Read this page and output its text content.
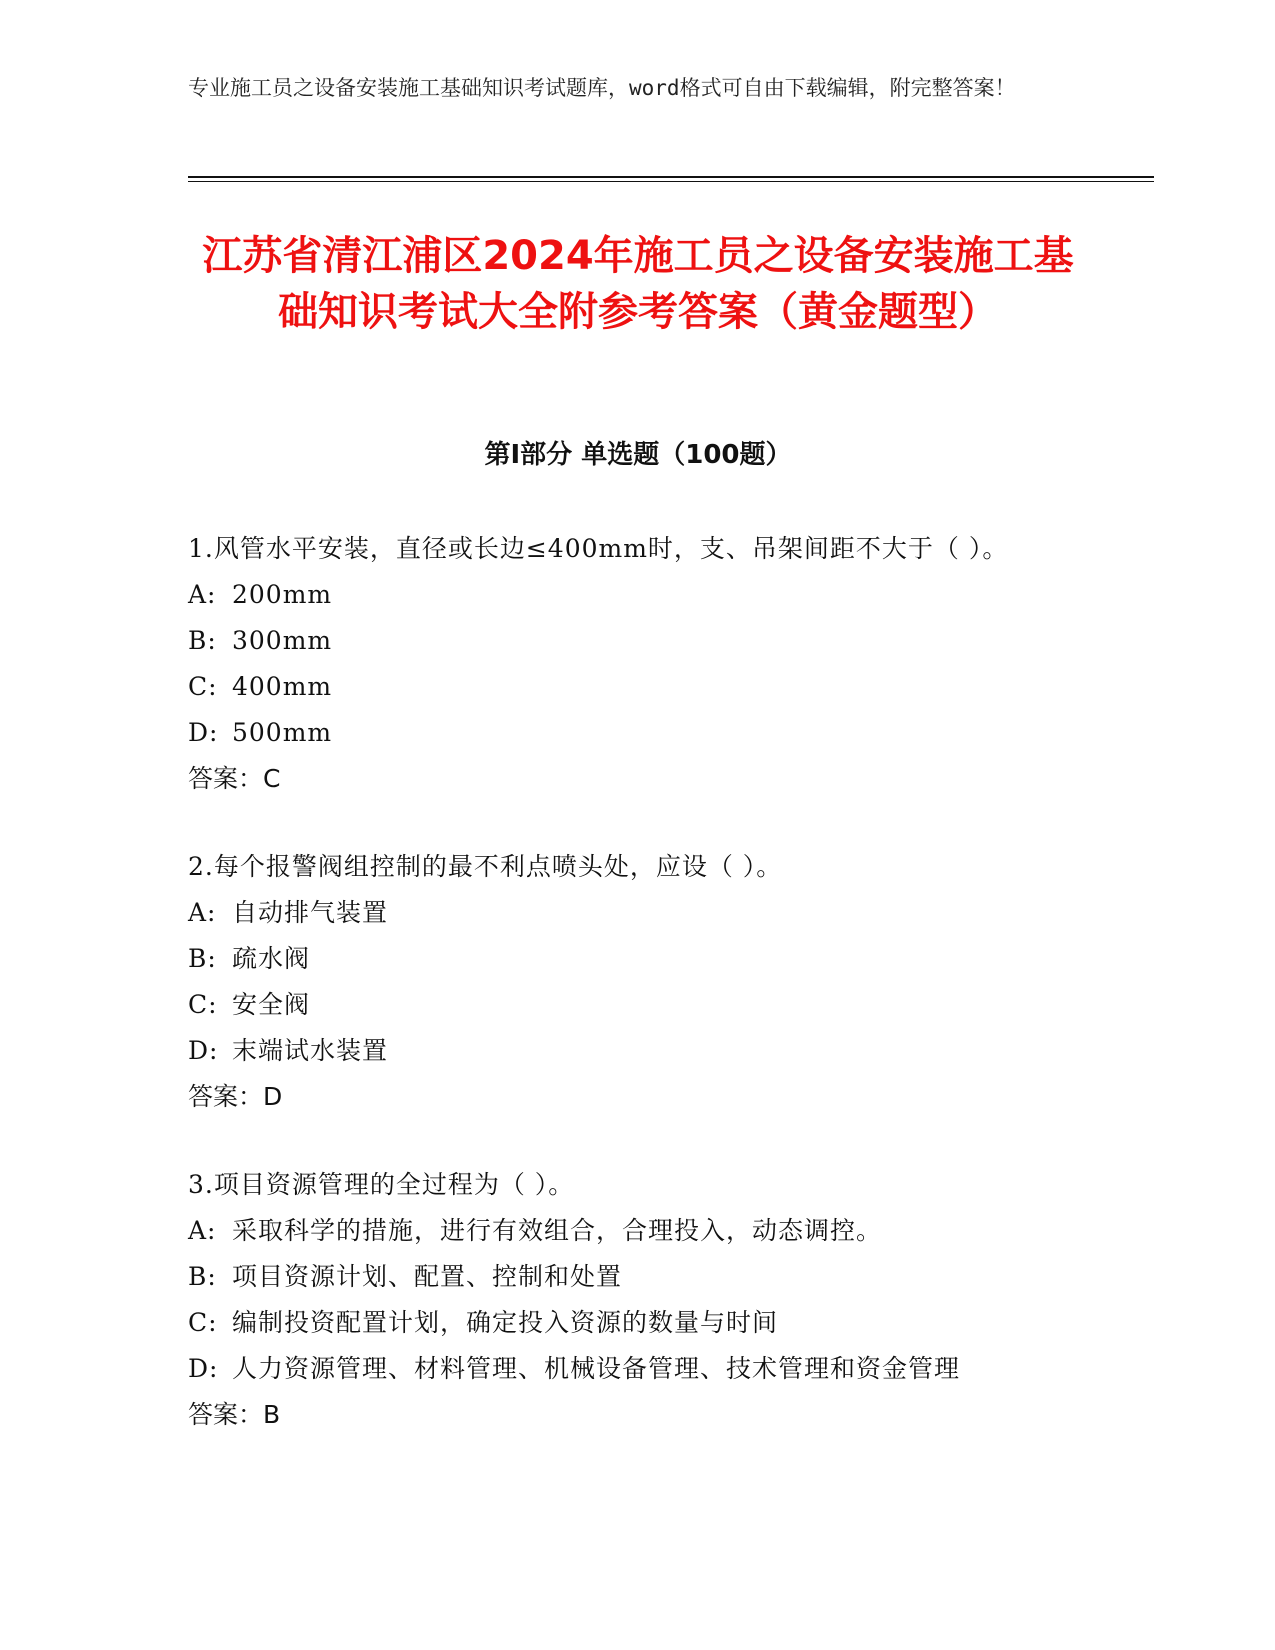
专业施工员之设备安装施工基础知识考试题库，word格式可自由下载编辑，附完整答案！
江苏省清江浦区2024年施工员之设备安装施工基础知识考试大全附参考答案（黄金题型）
第I部分 单选题（100题）
1.风管水平安装，直径或长边≤400mm时，支、吊架间距不大于（ ）。
A: 200mm
B: 300mm
C: 400mm
D: 500mm
答案：C
2.每个报警阀组控制的最不利点喷头处，应设（ ）。
A: 自动排气装置
B: 疏水阀
C: 安全阀
D: 末端试水装置
答案：D
3.项目资源管理的全过程为（ ）。
A: 采取科学的措施，进行有效组合，合理投入，动态调控。
B: 项目资源计划、配置、控制和处置
C: 编制投资配置计划，确定投入资源的数量与时间
D: 人力资源管理、材料管理、机械设备管理、技术管理和资金管理
答案：B
